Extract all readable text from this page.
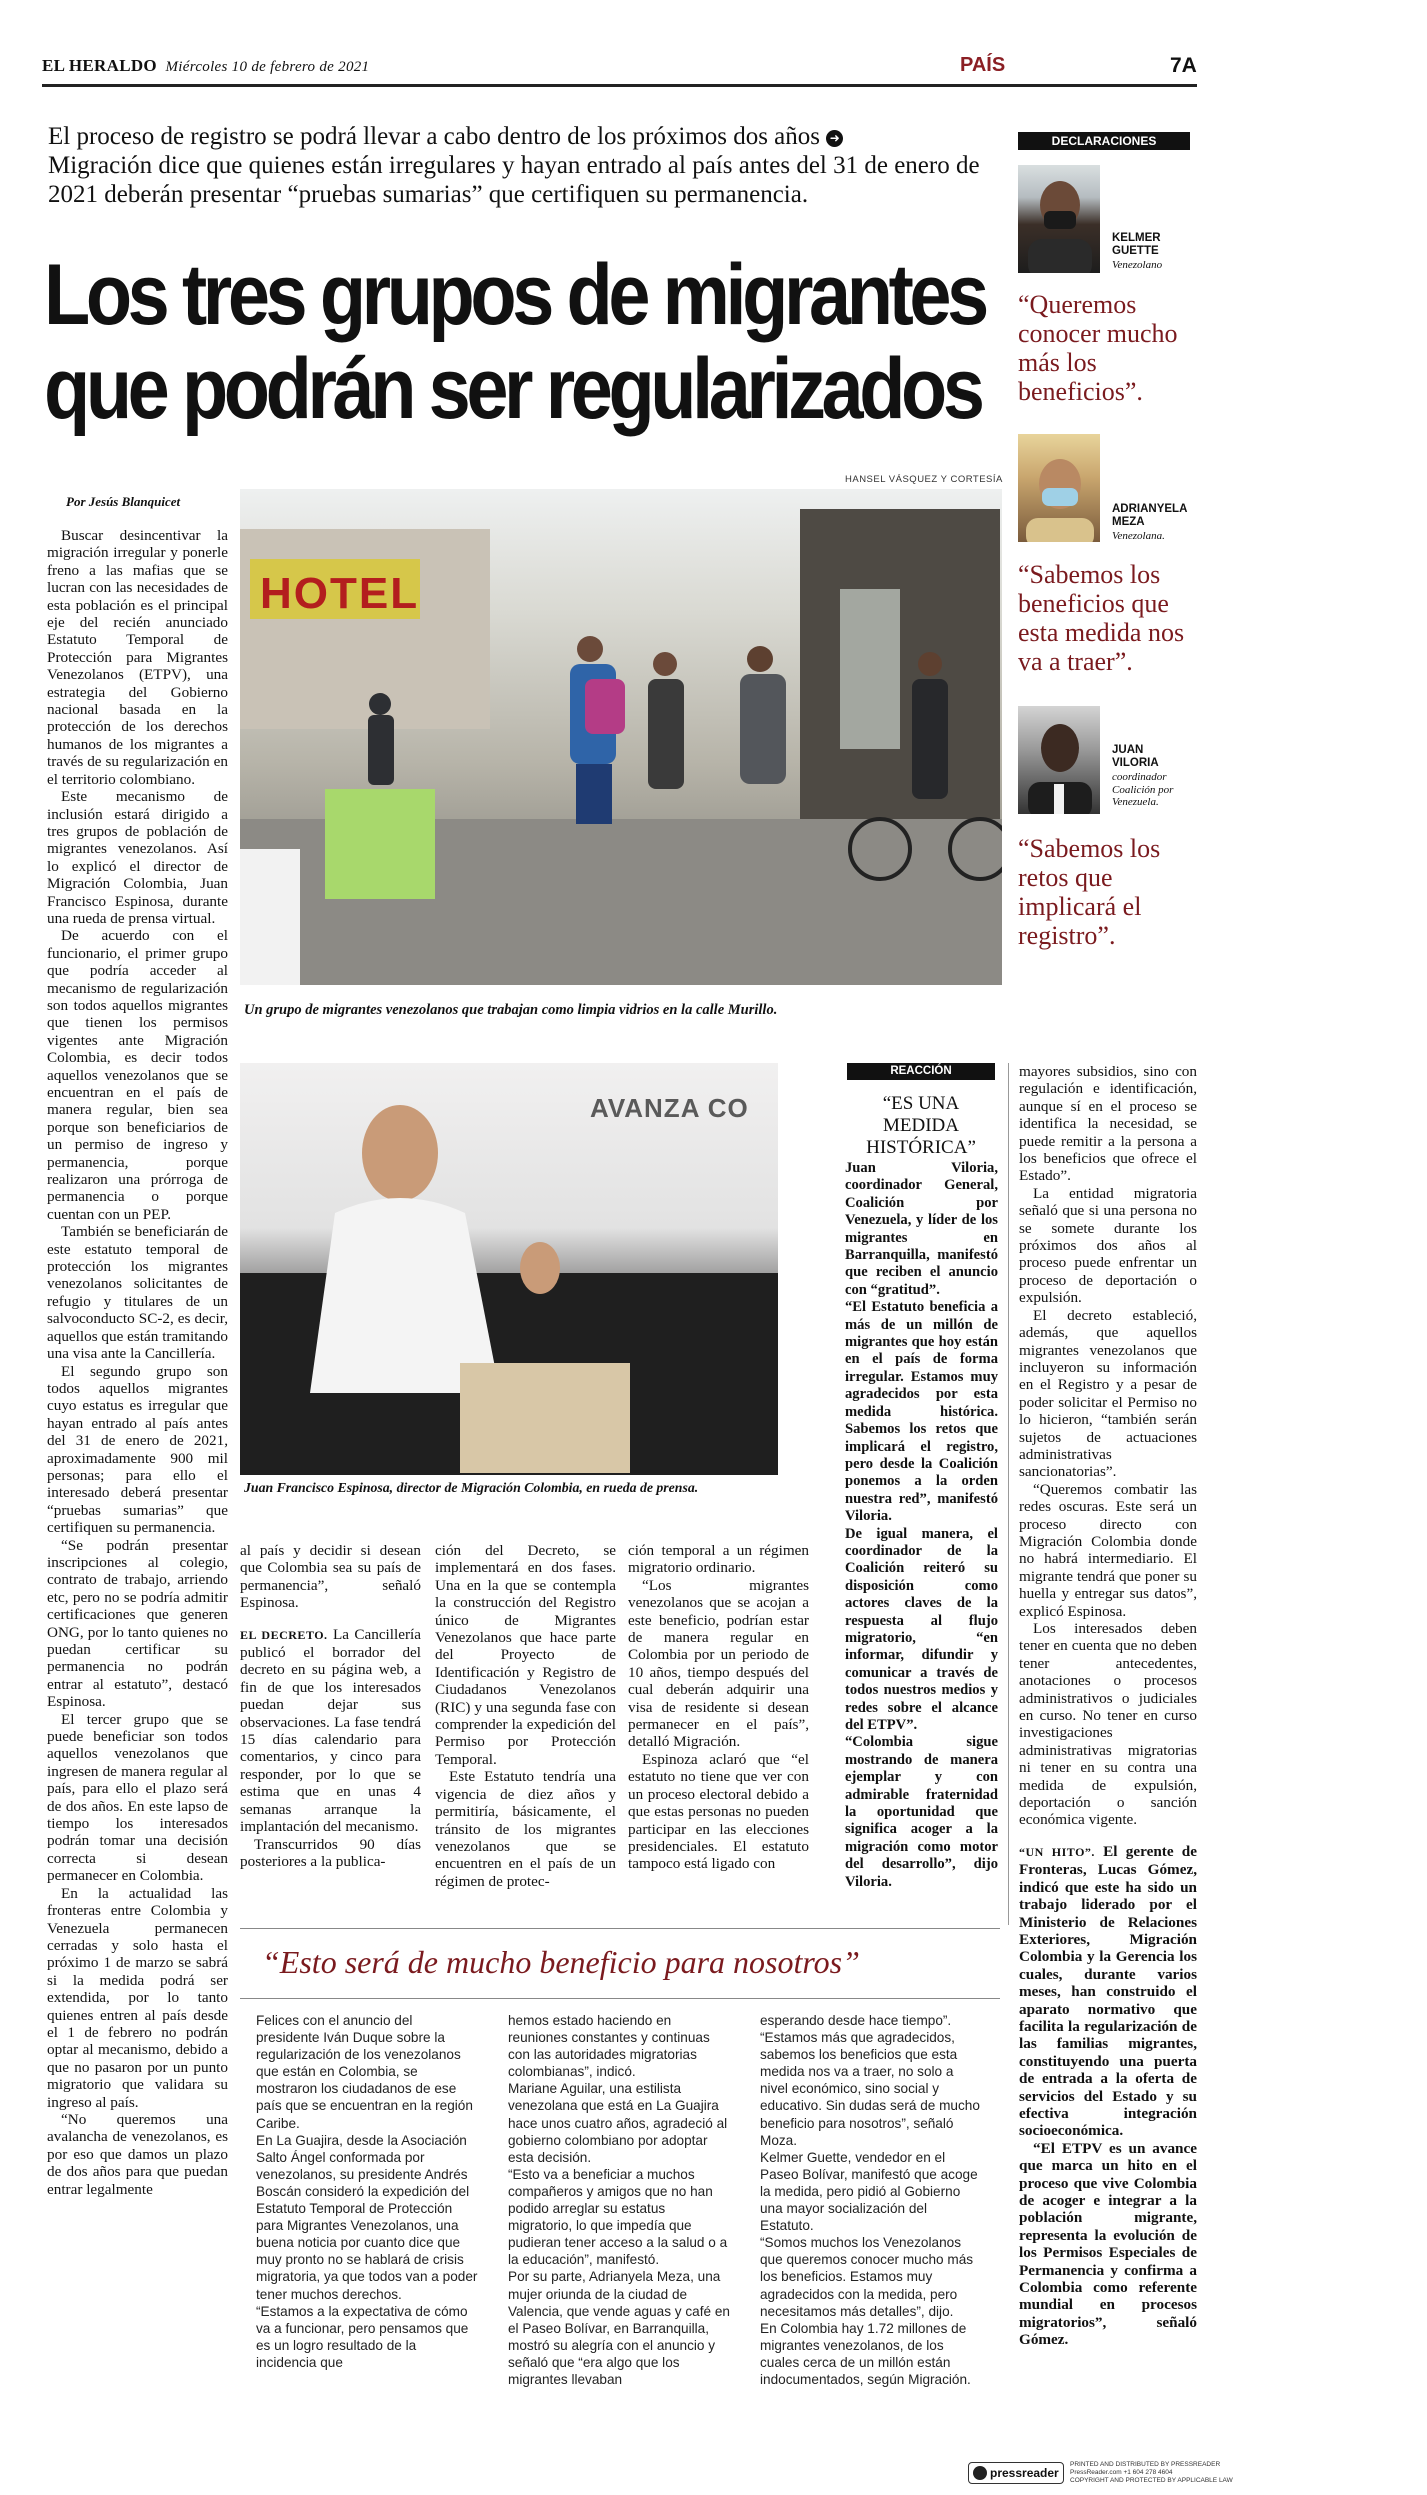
EL HERALDO Miércoles 10 de febrero de 2021	PAÍS	7A
El proceso de registro se podrá llevar a cabo dentro de los próximos dos años ➜
Migración dice que quienes están irregulares y hayan entrado al país antes del 31 de enero de 2021 deberán presentar “pruebas sumarias” que certifiquen su permanencia.
Los tres grupos de migrantes
que podrán ser regularizados
DECLARACIONES
KELMER
GUETTE
Venezolano
“Queremos conocer mucho más los beneficios”.
ADRIANYELA
MEZA
Venezolana.
“Sabemos los beneficios que esta medida nos va a traer”.
JUAN
VILORIA
coordinador Coalición por Venezuela.
“Sabemos los retos que implicará el registro”.
Por Jesús Blanquicet
HANSEL VÁSQUEZ Y CORTESÍA
HOTEL
Un grupo de migrantes venezolanos que trabajan como limpia vidrios en la calle Murillo.
AVANZA CO
Juan Francisco Espinosa, director de Migración Colombia, en rueda de prensa.

Buscar desincentivar la migración irregular y ponerle freno a las mafias que se lucran con las necesidades de esta población es el principal eje del recién anunciado Estatuto Temporal de Protección para Migrantes Venezolanos (ETPV), una estrategia del Gobierno nacional basada en la protección de los derechos humanos de los migrantes a través de su regularización en el territorio colombiano.

Este mecanismo de inclusión estará dirigido a tres grupos de población de migrantes venezolanos. Así lo explicó el director de Migración Colombia, Juan Francisco Espinosa, durante una rueda de prensa virtual.

De acuerdo con el funcionario, el primer grupo que podría acceder al mecanismo de regularización son todos aquellos migrantes que tienen los permisos vigentes ante Migración Colombia, es decir todos aquellos venezolanos que se encuentran en el país de manera regular, bien sea porque son beneficiarios de un permiso de ingreso y permanencia, porque realizaron una prórroga de permanencia o porque cuentan con un PEP.

También se beneficiarán de este estatuto temporal de protección los migrantes venezolanos solicitantes de refugio y titulares de un salvoconducto SC-2, es decir, aquellos que están tramitando una visa ante la Cancillería.

El segundo grupo son todos aquellos migrantes cuyo estatus es irregular que hayan entrado al país antes del 31 de enero de 2021, aproximadamente 900 mil personas; para ello el interesado deberá presentar “pruebas sumarias” que certifiquen su permanencia.

“Se podrán presentar inscripciones al colegio, contrato de trabajo, arriendo etc, pero no se podría admitir certificaciones que generen ONG, por lo tanto quienes no puedan certificar su permanencia no podrán entrar al estatuto”, destacó Espinosa.

El tercer grupo que se puede beneficiar son todos aquellos venezolanos que ingresen de manera regular al país, para ello el plazo será de dos años. En este lapso de tiempo los interesados podrán tomar una decisión correcta si desean permanecer en Colombia.

En la actualidad las fronteras entre Colombia y Venezuela permanecen cerradas y solo hasta el próximo 1 de marzo se sabrá si la medida podrá ser extendida, por lo tanto quienes entren al país desde el 1 de febrero no podrán optar al mecanismo, debido a que no pasaron por un punto migratorio que validara su ingreso al país.

“No queremos una avalancha de venezolanos, es por eso que damos un plazo de dos años para que puedan entrar legalmente

al país y decidir si desean que Colombia sea su país de permanencia”, señaló Espinosa.

EL DECRETO. La Cancillería publicó el borrador del decreto en su página web, a fin de que los interesados puedan dejar sus observaciones. La fase tendrá 15 días calendario para comentarios, y cinco para responder, por lo que se estima que en unas 4 semanas arranque la implantación del mecanismo.

Transcurridos 90 días posteriores a la publica-

ción del Decreto, se implementará en dos fases. Una en la que se contempla la construcción del Registro único de Migrantes Venezolanos que hace parte del Proyecto de Identificación y Registro de Ciudadanos Venezolanos (RIC) y una segunda fase con comprender la expedición del Permiso por Protección Temporal.

Este Estatuto tendría una vigencia de diez años y permitiría, básicamente, el tránsito de los migrantes venezolanos que se encuentren en el país de un régimen de protec-

ción temporal a un régimen migratorio ordinario.

“Los migrantes venezolanos que se acojan a este beneficio, podrían estar de manera regular en Colombia por un periodo de 10 años, tiempo después del cual deberán adquirir una visa de residente si desean permanecer en el país”, detalló Migración.

Espinoza aclaró que “el estatuto no tiene que ver con un proceso electoral debido a que estas personas no pueden participar en las elecciones presidenciales. El estatuto tampoco está ligado con

REACCIÓN
“ES UNA MEDIDA HISTÓRICA”

Juan Viloria, coordinador General, Coalición por Venezuela, y líder de los migrantes en Barranquilla, manifestó que reciben el anuncio con “gratitud”.

“El Estatuto beneficia a más de un millón de migrantes que hoy están en el país de forma irregular. Estamos muy agradecidos por esta medida histórica. Sabemos los retos que implicará el registro, pero desde la Coalición ponemos a la orden nuestra red”, manifestó Viloria.

De igual manera, el coordinador de la Coalición reiteró su disposición como actores claves de la respuesta al flujo migratorio, “en informar, difundir y comunicar a través de todos nuestros medios y redes sobre el alcance del ETPV”.

“Colombia sigue mostrando de manera ejemplar y con admirable fraternidad la oportunidad que significa acoger a la migración como motor del desarrollo”, dijo Viloria.

mayores subsidios, sino con regulación e identificación, aunque sí en el proceso se identifica la necesidad, se puede remitir a la persona a los beneficios que ofrece el Estado”.

La entidad migratoria señaló que si una persona no se somete durante los próximos dos años al proceso puede enfrentar un proceso de deportación o expulsión.

El decreto estableció, además, que aquellos migrantes venezolanos que incluyeron su información en el Registro y a pesar de poder solicitar el Permiso no lo hicieron, “también serán sujetos de actuaciones administrativas sancionatorias”.

“Queremos combatir las redes oscuras. Este será un proceso directo con Migración Colombia donde no habrá intermediario. El migrante tendrá que poner su huella y entregar sus datos”, explicó Espinosa.

Los interesados deben tener en cuenta que no deben tener antecedentes, anotaciones o procesos administrativos o judiciales en curso. No tener en curso investigaciones administrativas migratorias ni tener en su contra una medida de expulsión, deportación o sanción económica vigente.

“UN HITO”. El gerente de Fronteras, Lucas Gómez, indicó que este ha sido un trabajo liderado por el Ministerio de Relaciones Exteriores, Migración Colombia y la Gerencia los cuales, durante varios meses, han construido el aparato normativo que facilita la regularización de las familias migrantes, constituyendo una puerta de entrada a la oferta de servicios del Estado y su efectiva integración socioeconómica.

“El ETPV es un avance que marca un hito en el proceso que vive Colombia de acoger e integrar a la población migrante, representa la evolución de los Permisos Especiales de Permanencia y confirma a Colombia como referente mundial en procesos migratorios”, señaló Gómez.

“Esto será de mucho beneficio para nosotros”
Felices con el anuncio del presidente Iván Duque sobre la regularización de los venezolanos que están en Colombia, se mostraron los ciudadanos de ese país que se encuentran en la región Caribe.
En La Guajira, desde la Asociación Salto Ángel conformada por venezolanos, su presidente Andrés Boscán consideró la expedición del Estatuto Temporal de Protección para Migrantes Venezolanos, una buena noticia por cuanto dice que muy pronto no se hablará de crisis migratoria, ya que todos van a poder tener muchos derechos.
“Estamos a la expectativa de cómo va a funcionar, pero pensamos que es un logro resultado de la incidencia que
hemos estado haciendo en reuniones constantes y continuas con las autoridades migratorias colombianas”, indicó.
Mariane Aguilar, una estilista venezolana que está en La Guajira hace unos cuatro años, agradeció al gobierno colombiano por adoptar esta decisión.
“Esto va a beneficiar a muchos compañeros y amigos que no han podido arreglar su estatus migratorio, lo que impedía que pudieran tener acceso a la salud o a la educación”, manifestó.
Por su parte, Adrianyela Meza, una mujer oriunda de la ciudad de Valencia, que vende aguas y café en el Paseo Bolívar, en Barranquilla, mostró su alegría con el anuncio y señaló que “era algo que los migrantes llevaban
esperando desde hace tiempo”.
“Estamos más que agradecidos, sabemos los beneficios que esta medida nos va a traer, no solo a nivel económico, sino social y educativo. Sin dudas será de mucho beneficio para nosotros”, señaló Moza.
Kelmer Guette, vendedor en el Paseo Bolívar, manifestó que acoge la medida, pero pidió al Gobierno una mayor socialización del Estatuto.
“Somos muchos los Venezolanos que queremos conocer mucho más los beneficios. Estamos muy agradecidos con la medida, pero necesitamos más detalles”, dijo.
En Colombia hay 1.72 millones de migrantes venezolanos, de los cuales cerca de un millón están indocumentados, según Migración.
pressreader
PRINTED AND DISTRIBUTED BY PRESSREADER
PressReader.com +1 604 278 4604
COPYRIGHT AND PROTECTED BY APPLICABLE LAW
